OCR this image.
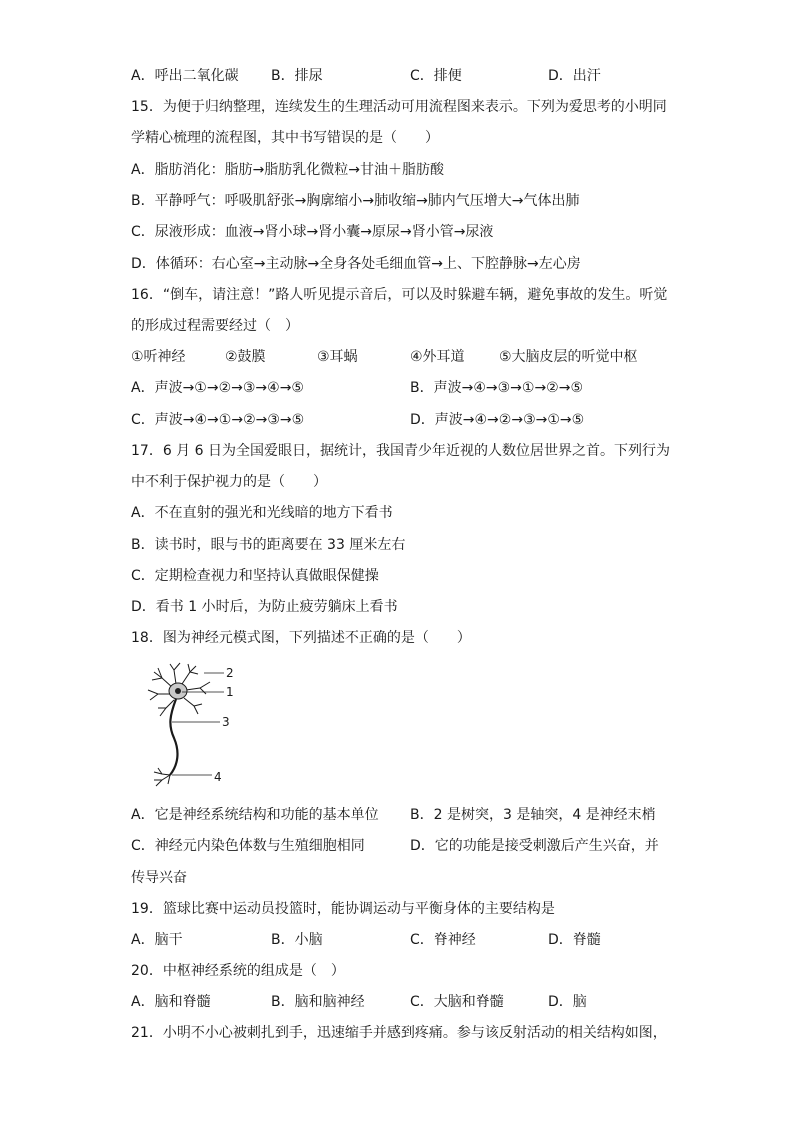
A．呼出二氧化碳 B．排尿	C．排便	D．出汗
15．为便于归纳整理，连续发生的生理活动可用流程图来表示。下列为爱思考的小明同
学精心梳理的流程图，其中书写错误的是（　　）
A．脂肪消化：脂肪→脂肪乳化微粒→甘油＋脂肪酸
B．平静呼气：呼吸肌舒张→胸廓缩小→肺收缩→肺内气压增大→气体出肺
C．尿液形成：血液→肾小球→肾小囊→原尿→肾小管→尿液
D．体循环：右心室→主动脉→全身各处毛细血管→上、下腔静脉→左心房
16．“倒车，请注意！”路人听见提示音后，可以及时躲避车辆，避免事故的发生。听觉
的形成过程需要经过（　）
①听神经	②鼓膜	③耳蜗	④外耳道 ⑤大脑皮层的听觉中枢
A．声波→①→②→③→④→⑤	B．声波→④→③→①→②→⑤
C．声波→④→①→②→③→⑤	D．声波→④→②→③→①→⑤
17．6 月 6 日为全国爱眼日，据统计，我国青少年近视的人数位居世界之首。下列行为
中不利于保护视力的是（　　）
A．不在直射的强光和光线暗的地方下看书
B．读书时，眼与书的距离要在 33 厘米左右
C．定期检查视力和坚持认真做眼保健操
D．看书 1 小时后，为防止疲劳躺床上看书
18．图为神经元模式图，下列描述不正确的是（　　）
2
1
3
4
A．它是神经系统结构和功能的基本单位 B．2 是树突，3 是轴突，4 是神经末梢
C．神经元内染色体数与生殖细胞相同	D．它的功能是接受刺激后产生兴奋，并
传导兴奋
19．篮球比赛中运动员投篮时，能协调运动与平衡身体的主要结构是
A．脑干	B．小脑	C．脊神经	D．脊髓
20．中枢神经系统的组成是（　）
A．脑和脊髓	B．脑和脑神经	C．大脑和脊髓	D．脑
21．小明不小心被刺扎到手，迅速缩手并感到疼痛。参与该反射活动的相关结构如图，
